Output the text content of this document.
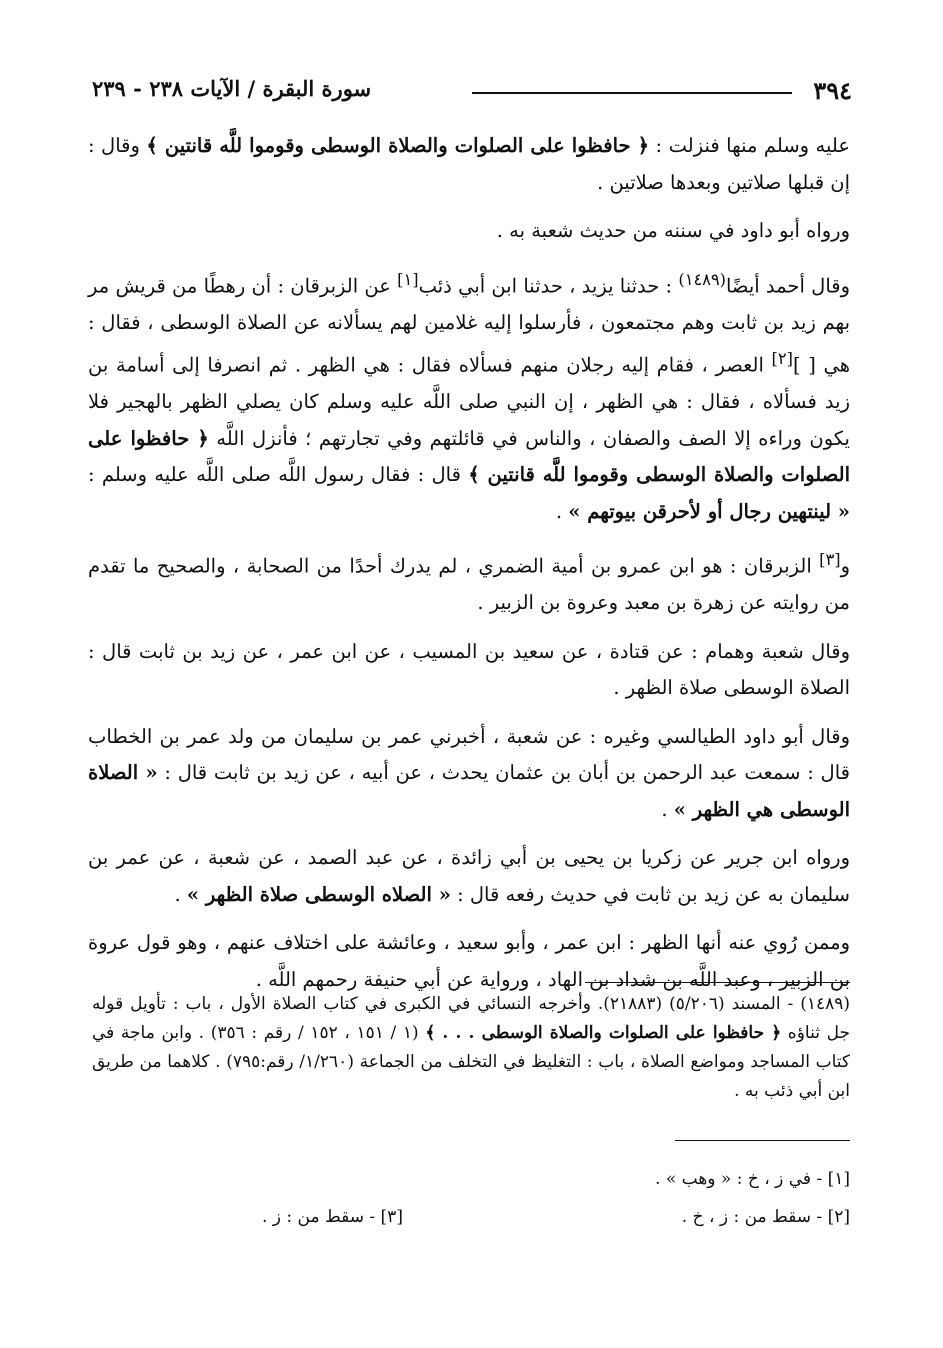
٣٩٤
سورة البقرة / الآيات ٢٣٨ - ٢٣٩

عليه وسلم منها فنزلت : ﴿ حافظوا على الصلوات والصلاة الوسطى وقوموا للَّه قانتين ﴾ وقال : إن قبلها صلاتين وبعدها صلاتين .

ورواه أبو داود في سننه من حديث شعبة به .

وقال أحمد أيضًا$^{(١٤٨٩)}$ : حدثنا يزيد ، حدثنا ابن أبي ذئب[١] عن الزبرقان : أن رهطًا من قريش مر بهم زيد بن ثابت وهم مجتمعون ، فأرسلوا إليه غلامين لهم يسألانه عن الصلاة الوسطى ، فقال : هي [ ][٢] العصر ، فقام إليه رجلان منهم فسألاه فقال : هي الظهر . ثم انصرفا إلى أسامة بن زيد فسألاه ، فقال : هي الظهر ، إن النبي صلى اللَّه عليه وسلم كان يصلي الظهر بالهجير فلا يكون وراءه إلا الصف والصفان ، والناس في قائلتهم وفي تجارتهم ؛ فأنزل اللَّه ﴿ حافظوا على الصلوات والصلاة الوسطى وقوموا للَّه قانتين ﴾ قال : فقال رسول اللَّه صلى اللَّه عليه وسلم : « لينتهين رجال أو لأحرقن بيوتهم » .

و[٣] الزبرقان : هو ابن عمرو بن أمية الضمري ، لم يدرك أحدًا من الصحابة ، والصحيح ما تقدم من روايته عن زهرة بن معبد وعروة بن الزبير .

وقال شعبة وهمام : عن قتادة ، عن سعيد بن المسيب ، عن ابن عمر ، عن زيد بن ثابت قال : الصلاة الوسطى صلاة الظهر .

وقال أبو داود الطيالسي وغيره : عن شعبة ، أخبرني عمر بن سليمان من ولد عمر بن الخطاب قال : سمعت عبد الرحمن بن أبان بن عثمان يحدث ، عن أبيه ، عن زيد بن ثابت قال : « الصلاة الوسطى هي الظهر » .

ورواه ابن جرير عن زكريا بن يحيى بن أبي زائدة ، عن عبد الصمد ، عن شعبة ، عن عمر بن سليمان به عن زيد بن ثابت في حديث رفعه قال : « الصلاه الوسطى صلاة الظهر » .

وممن رُوي عنه أنها الظهر : ابن عمر ، وأبو سعيد ، وعائشة على اختلاف عنهم ، وهو قول عروة بن الزبير ، وعبد اللَّه بن شداد بن الهاد ، ورواية عن أبي حنيفة رحمهم اللَّه .

(١٤٨٩) - المسند (٥/٢٠٦) (٢١٨٨٣). وأخرجه النسائي في الكبرى في كتاب الصلاة الأول ، باب : تأويل قوله جل ثناؤه ﴿ حافظوا على الصلوات والصلاة الوسطى . . . ﴾ (١ / ١٥١ ، ١٥٢ / رقم : ٣٥٦) . وابن ماجة في كتاب المساجد ومواضع الصلاة ، باب : التغليظ في التخلف من الجماعة (١/٢٦٠/ رقم:٧٩٥) . كلاهما من طريق ابن أبي ذئب به .
[١] - في ز ، خ : « وهب » .
[٢] - سقط من : ز ، خ .
[٣] - سقط من : ز .
